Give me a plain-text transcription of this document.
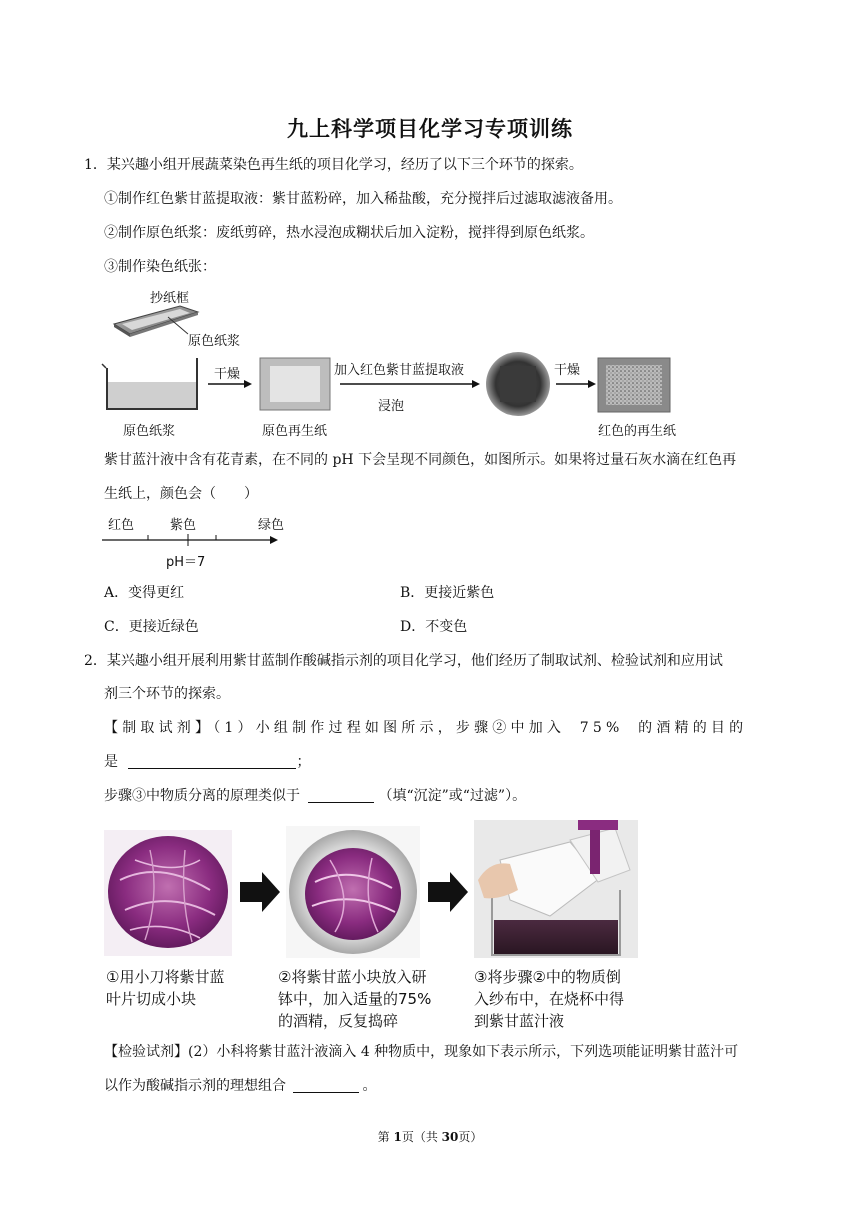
九上科学项目化学习专项训练
1．某兴趣小组开展蔬菜染色再生纸的项目化学习，经历了以下三个环节的探索。
①制作红色紫甘蓝提取液：紫甘蓝粉碎，加入稀盐酸，充分搅拌后过滤取滤液备用。
②制作原色纸浆：废纸剪碎，热水浸泡成糊状后加入淀粉，搅拌得到原色纸浆。
③制作染色纸张：
抄纸框
原色纸浆
干燥	加入红色紫甘蓝提取液
浸泡
干燥
原色纸浆	原色再生纸	红色的再生纸
紫甘蓝汁液中含有花青素，在不同的 pH 下会呈现不同颜色，如图所示。如果将过量石灰水滴在红色再
生纸上，颜色会（　　）
红色	紫色	绿色
pH＝7
A．变得更红	B．更接近紫色
C．更接近绿色	D．不变色
2．某兴趣小组开展利用紫甘蓝制作酸碱指示剂的项目化学习，他们经历了制取试剂、检验试剂和应用试
剂三个环节的探索。
【制取试剂】（1）小组制作过程如图所示，步骤②中加入 75% 的酒精的目的
是	；
步骤③中物质分离的原理类似于	（填“沉淀”或“过滤”）。
①用小刀将紫甘蓝
叶片切成小块
②将紫甘蓝小块放入研
钵中，加入适量的75%
的酒精，反复捣碎
③将步骤②中的物质倒
入纱布中，在烧杯中得
到紫甘蓝汁液
【检验试剂】(2）小科将紫甘蓝汁液滴入 4 种物质中，现象如下表示所示，下列选项能证明紫甘蓝汁可
以作为酸碱指示剂的理想组合	。
第 1页（共 30页）
